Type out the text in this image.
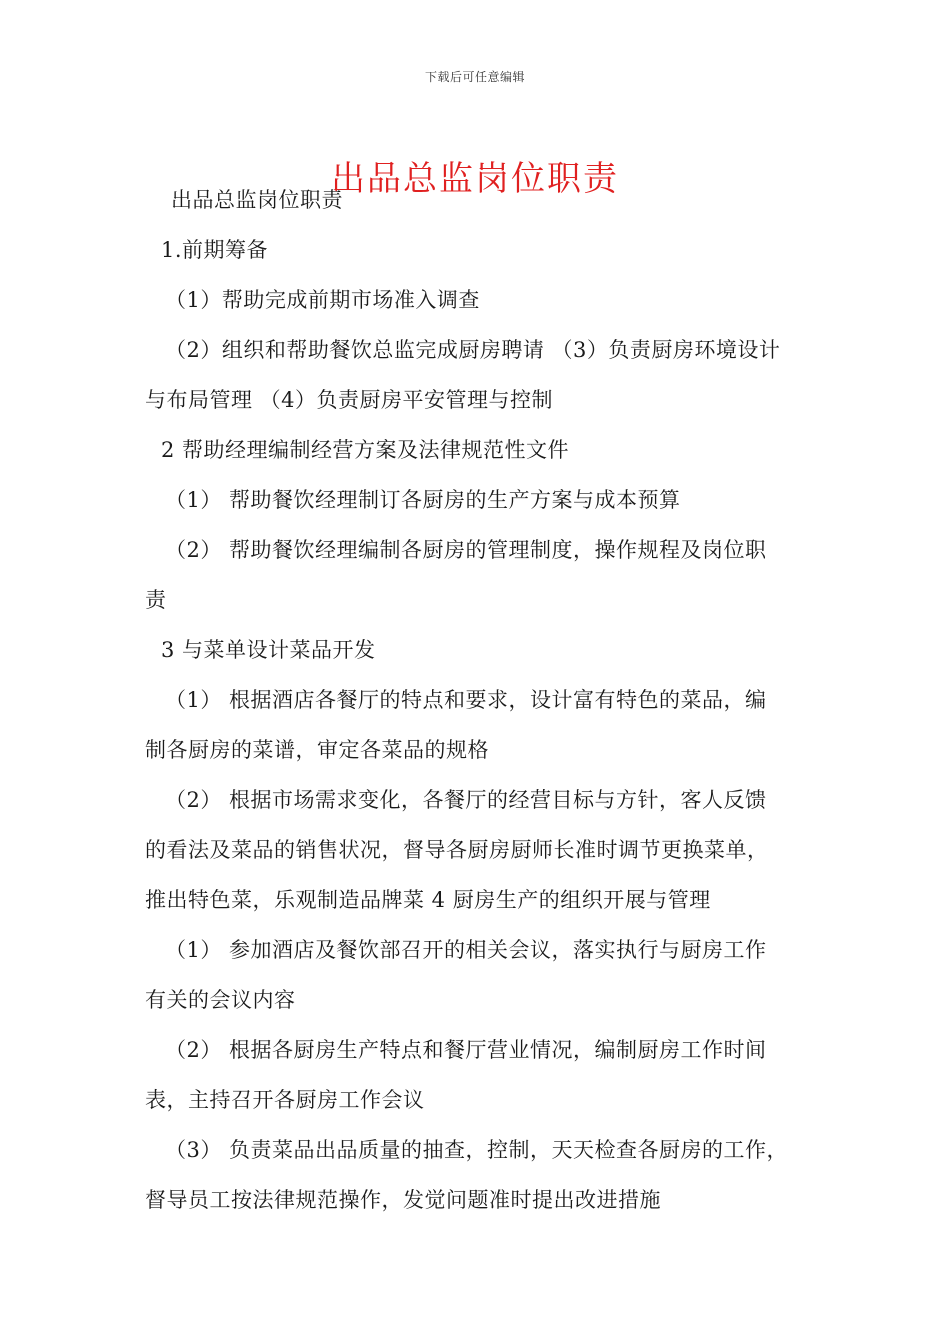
下载后可任意编辑
出品总监岗位职责
出品总监岗位职责
1.前期筹备
（1）帮助完成前期市场准入调查
（2）组织和帮助餐饮总监完成厨房聘请 （3）负责厨房环境设计
与布局管理 （4）负责厨房平安管理与控制
2 帮助经理编制经营方案及法律规范性文件
（1） 帮助餐饮经理制订各厨房的生产方案与成本预算
（2） 帮助餐饮经理编制各厨房的管理制度，操作规程及岗位职
责
3 与菜单设计菜品开发
（1） 根据酒店各餐厅的特点和要求，设计富有特色的菜品，编
制各厨房的菜谱，审定各菜品的规格
（2） 根据市场需求变化，各餐厅的经营目标与方针，客人反馈
的看法及菜品的销售状况，督导各厨房厨师长准时调节更换菜单，
推出特色菜，乐观制造品牌菜 4 厨房生产的组织开展与管理
（1） 参加酒店及餐饮部召开的相关会议，落实执行与厨房工作
有关的会议内容
（2） 根据各厨房生产特点和餐厅营业情况，编制厨房工作时间
表，主持召开各厨房工作会议
（3） 负责菜品出品质量的抽查，控制，天天检查各厨房的工作，
督导员工按法律规范操作，发觉问题准时提出改进措施
